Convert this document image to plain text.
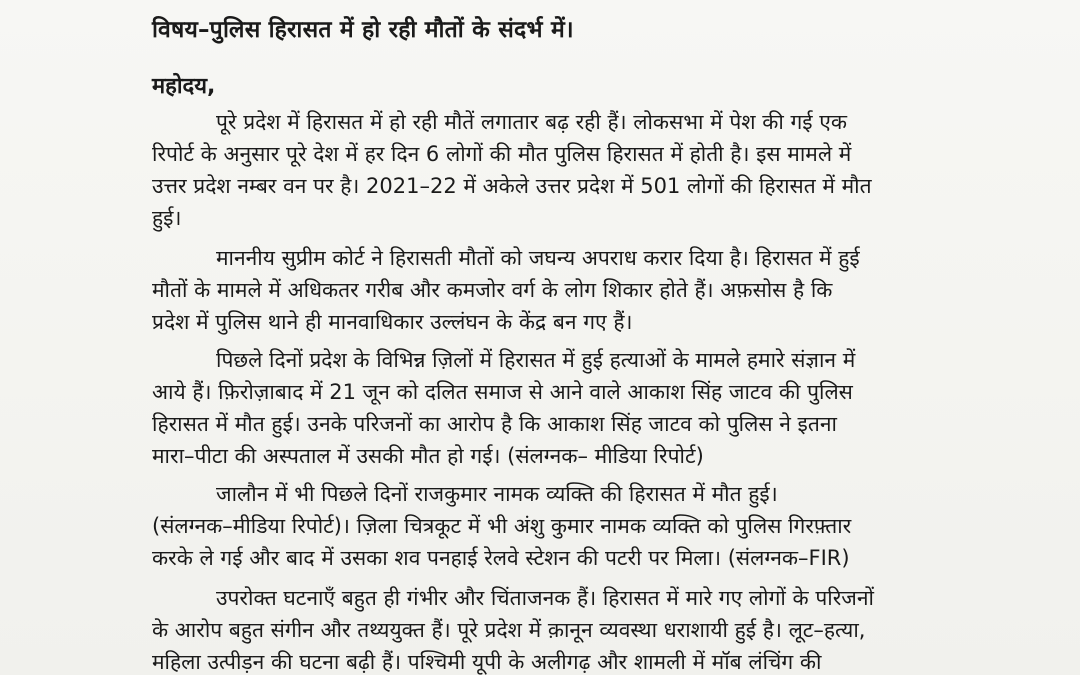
विषय–पुलिस हिरासत में हो रही मौतों के संदर्भ में।
महोदय,
पूरे प्रदेश में हिरासत में हो रही मौतें लगातार बढ़ रही हैं। लोकसभा में पेश की गई एक
रिपोर्ट के अनुसार पूरे देश में हर दिन 6 लोगों की मौत पुलिस हिरासत में होती है। इस मामले में
उत्तर प्रदेश नम्बर वन पर है। 2021–22 में अकेले उत्तर प्रदेश में 501 लोगों की हिरासत में मौत
हुई।
माननीय सुप्रीम कोर्ट ने हिरासती मौतों को जघन्य अपराध करार दिया है। हिरासत में हुई
मौतों के मामले में अधिकतर गरीब और कमजोर वर्ग के लोग शिकार होते हैं। अफ़सोस है कि
प्रदेश में पुलिस थाने ही मानवाधिकार उल्लंघन के केंद्र बन गए हैं।
पिछले दिनों प्रदेश के विभिन्न ज़िलों में हिरासत में हुई हत्याओं के मामले हमारे संज्ञान में
आये हैं। फ़िरोज़ाबाद में 21 जून को दलित समाज से आने वाले आकाश सिंह जाटव की पुलिस
हिरासत में मौत हुई। उनके परिजनों का आरोप है कि आकाश सिंह जाटव को पुलिस ने इतना
मारा–पीटा की अस्पताल में उसकी मौत हो गई। (संलग्नक– मीडिया रिपोर्ट)
जालौन में भी पिछले दिनों राजकुमार नामक व्यक्ति की हिरासत में मौत हुई।
(संलग्नक–मीडिया रिपोर्ट)। ज़िला चित्रकूट में भी अंशु कुमार नामक व्यक्ति को पुलिस गिरफ़्तार
करके ले गई और बाद में उसका शव पनहाई रेलवे स्टेशन की पटरी पर मिला। (संलग्नक–FIR)
उपरोक्त घटनाएँ बहुत ही गंभीर और चिंताजनक हैं। हिरासत में मारे गए लोगों के परिजनों
के आरोप बहुत संगीन और तथ्ययुक्त हैं। पूरे प्रदेश में क़ानून व्यवस्था धराशायी हुई है। लूट–हत्या,
महिला उत्पीड़न की घटना बढ़ी हैं। पश्चिमी यूपी के अलीगढ़ और शामली में मॉब लंचिंग की
